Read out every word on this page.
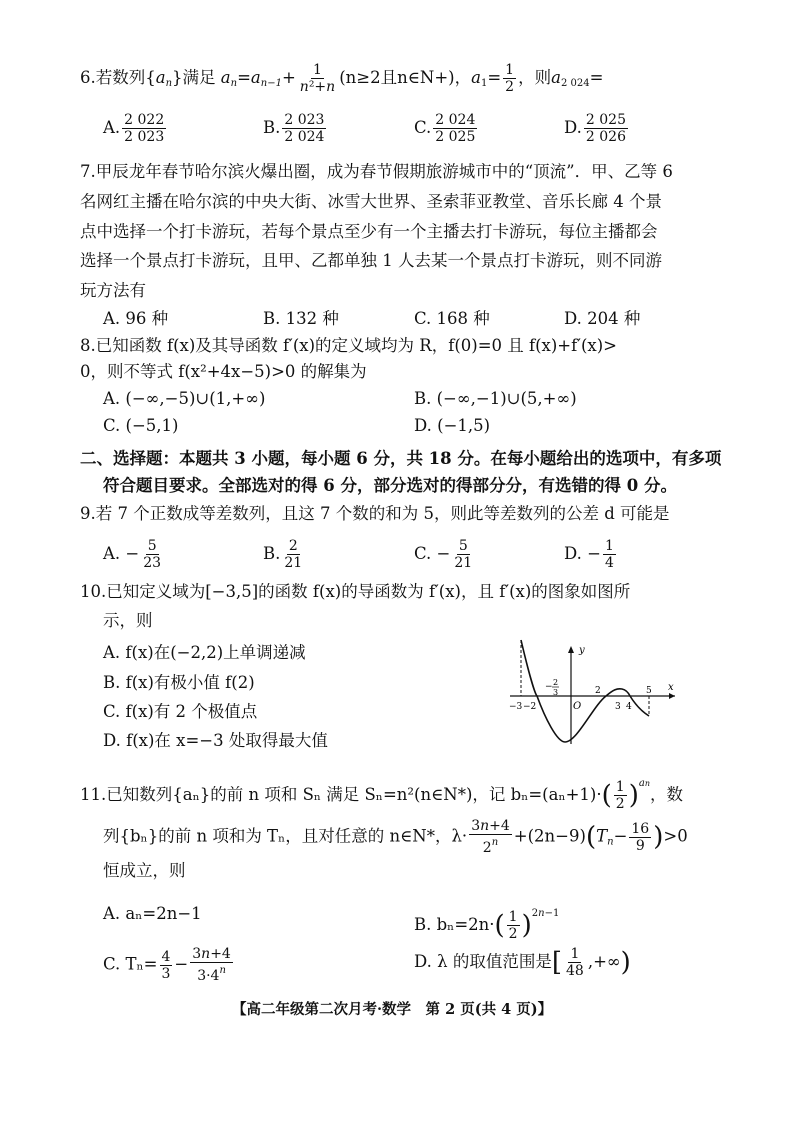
6.若数列$\{a_n\}$满足 $a_n=a_{n-1}+ \frac{1}{\text{n²+n}} (n\ge 2$且n∈N+)，$a_1= \frac{1}{2}$ ，则$a_{2 024}=$
A. $\frac{2 022}{2 023}$	B. $\frac{2 023}{2 024}$	C. $\frac{2 024}{2 025}$	D. $\frac{2 025}{2 026}$
7.甲辰龙年春节哈尔滨火爆出圈，成为春节假期旅游城市中的“顶流”．甲、乙等 6
名网红主播在哈尔滨的中央大街、冰雪大世界、圣索菲亚教堂、音乐长廊 4 个景
点中选择一个打卡游玩，若每个景点至少有一个主播去打卡游玩，每位主播都会
选择一个景点打卡游玩，且甲、乙都单独 1 人去某一个景点打卡游玩，则不同游
玩方法有
A. 96 种	B. 132 种	C. 168 种	D. 204 种
8.已知函数 f(x)及其导函数 f′(x)的定义域均为 R，f(0)=0 且 f(x)+f′(x)>
0，则不等式 f(x²+4x−5)>0 的解集为
A. (−∞,−5)∪(1,+∞)	B. (−∞,−1)∪(5,+∞)
C. (−5,1)	D. (−1,5)
二、选择题：本题共 3 小题，每小题 6 分，共 18 分。在每小题给出的选项中，有多项
符合题目要求。全部选对的得 6 分，部分选对的得部分分，有选错的得 0 分。
9.若 7 个正数成等差数列，且这 7 个数的和为 5，则此等差数列的公差 d 可能是
A. − $\frac{5}{23}$	B. $\frac{2}{21}$	C. − $\frac{5}{21}$	D. − $\frac{1}{4}$
10.已知定义域为[−3,5]的函数 f(x)的导函数为 f′(x)，且 f′(x)的图象如图所
示，则
A. f(x)在(−2,2)上单调递减
B. f(x)有极小值 f(2)
C. f(x)有 2 个极值点
D. f(x)在 x=−3 处取得最大值
y
x
O
−3 −2
2
3 4
5
− 2
3
11.已知数列{aₙ}的前 n 项和 Sₙ 满足 Sₙ=n²(n∈N*)，记 $b_n=(a_n+1)\cdot( \frac{1}{2} )^{an}$，数
列{bₙ}的前 n 项和为 Tₙ，且对任意的 n∈N*，$\lambda\cdot \frac{3n+4}{2^n} +(2n-9)(T_n- \frac{16}{9} )>0$
恒成立，则
A. aₙ=2n−1
B. $b_n=2n\cdot( \frac{1}{2} )^{2n-1}$
C. $T_n= \frac{4}{3} - \frac{3n+4}{3\cdot 4^n}$	D. λ 的取值范围是[ $\frac{1}{48}$ ,+∞)
【高二年级第二次月考·数学　第 2 页(共 4 页)】
